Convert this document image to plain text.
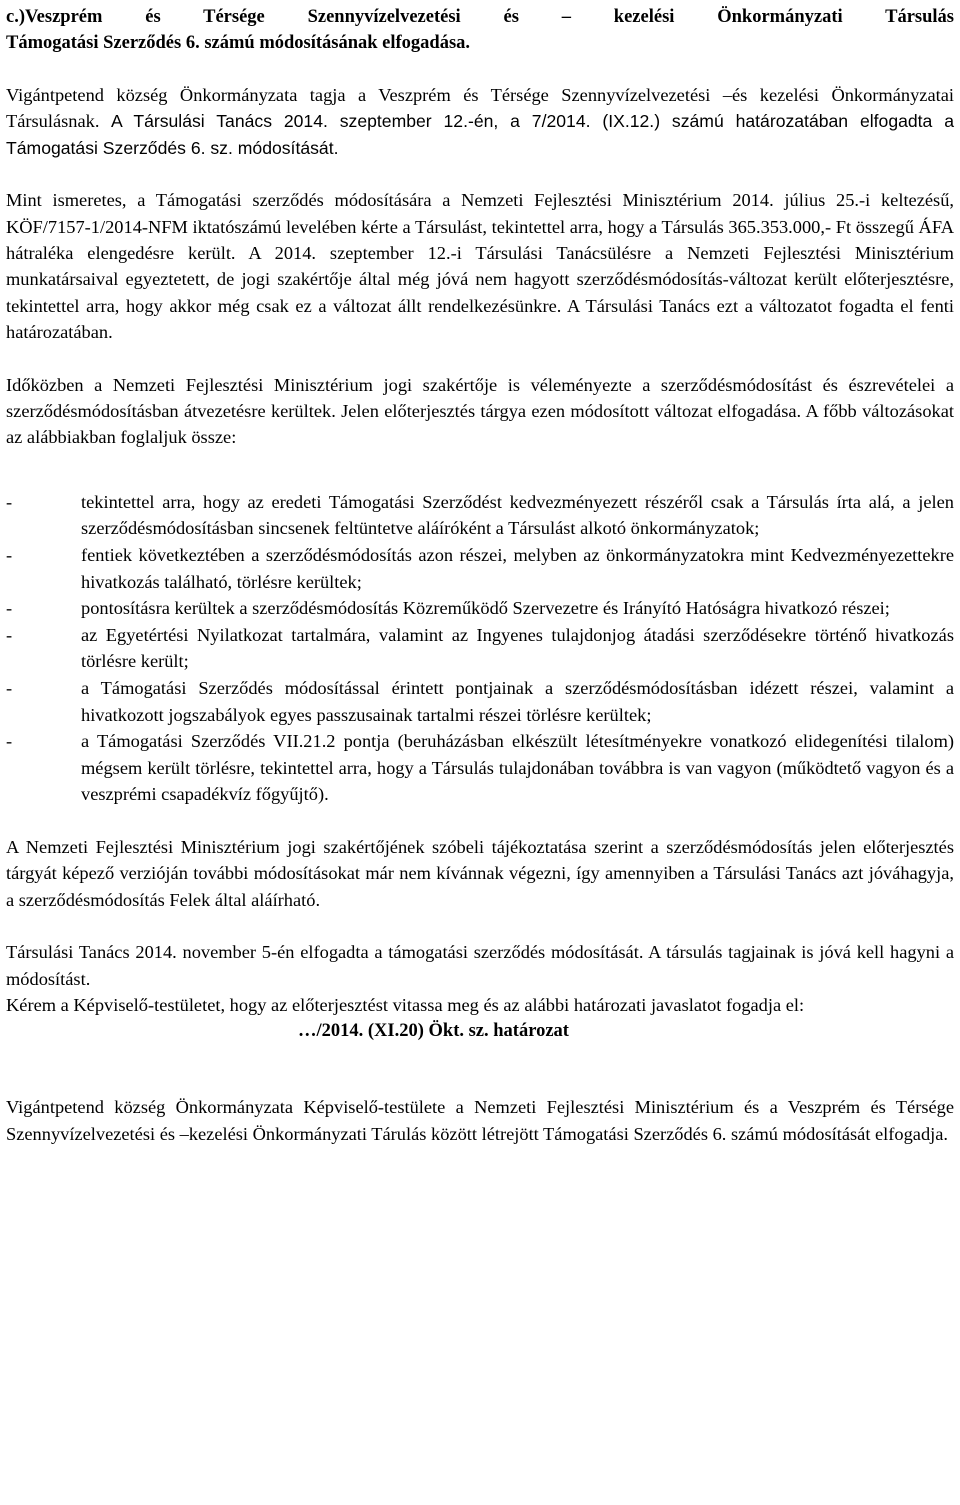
c.)Veszprém és Térsége Szennyvízelvezetési és – kezelési Önkormányzati Társulás
Támogatási Szerződés 6. számú módosításának elfogadása.

Vigántpetend község Önkormányzata tagja a Veszprém és Térsége Szennyvízelvezetési –és kezelési Önkormányzatai Társulásnak. A Társulási Tanács 2014. szeptember 12.-én, a 7/2014. (IX.12.) számú határozatában elfogadta a Támogatási Szerződés 6. sz. módosítását.

Mint ismeretes, a Támogatási szerződés módosítására a Nemzeti Fejlesztési Minisztérium 2014. július 25.-i keltezésű, KÖF/7157-1/2014-NFM iktatószámú levelében kérte a Társulást, tekintettel arra, hogy a Társulás 365.353.000,- Ft összegű ÁFA hátraléka elengedésre került. A 2014. szeptember 12.-i Társulási Tanácsülésre a Nemzeti Fejlesztési Minisztérium munkatársaival egyeztetett, de jogi szakértője által még jóvá nem hagyott szerződésmódosítás-változat került előterjesztésre, tekintettel arra, hogy akkor még csak ez a változat állt rendelkezésünkre. A Társulási Tanács ezt a változatot fogadta el fenti határozatában.

Időközben a Nemzeti Fejlesztési Minisztérium jogi szakértője is véleményezte a szerződésmódosítást és észrevételei a szerződésmódosításban átvezetésre kerültek. Jelen előterjesztés tárgya ezen módosított változat elfogadása. A főbb változásokat az alábbiakban foglaljuk össze:

-	tekintettel arra, hogy az eredeti Támogatási Szerződést kedvezményezett részéről csak a Társulás írta alá, a jelen szerződésmódosításban sincsenek feltüntetve aláíróként a Társulást alkotó önkormányzatok;
-	fentiek következtében a szerződésmódosítás azon részei, melyben az önkormányzatokra mint Kedvezményezettekre hivatkozás található, törlésre kerültek;
-	pontosításra kerültek a szerződésmódosítás Közreműködő Szervezetre és Irányító Hatóságra hivatkozó részei;
-	az Egyetértési Nyilatkozat tartalmára, valamint az Ingyenes tulajdonjog átadási szerződésekre történő hivatkozás törlésre került;
-	a Támogatási Szerződés módosítással érintett pontjainak a szerződésmódosításban idézett részei, valamint a hivatkozott jogszabályok egyes passzusainak tartalmi részei törlésre kerültek;
-	a Támogatási Szerződés VII.21.2 pontja (beruházásban elkészült létesítményekre vonatkozó elidegenítési tilalom) mégsem került törlésre, tekintettel arra, hogy a Társulás tulajdonában továbbra is van vagyon (működtető vagyon és a veszprémi csapadékvíz főgyűjtő).

A Nemzeti Fejlesztési Minisztérium jogi szakértőjének szóbeli tájékoztatása szerint a szerződésmódosítás jelen előterjesztés tárgyát képező verzióján további módosításokat már nem kívánnak végezni, így amennyiben a Társulási Tanács azt jóváhagyja, a szerződésmódosítás Felek által aláírható.

Társulási Tanács 2014. november 5-én elfogadta a támogatási szerződés módosítását. A társulás tagjainak is jóvá kell hagyni a módosítást.

Kérem a Képviselő-testületet, hogy az előterjesztést vitassa meg és az alábbi határozati javaslatot fogadja el:

…/2014. (XI.20) Ökt. sz. határozat

Vigántpetend község Önkormányzata Képviselő-testülete a Nemzeti Fejlesztési Minisztérium és a Veszprém és Térsége Szennyvízelvezetési és –kezelési Önkormányzati Tárulás között létrejött Támogatási Szerződés 6. számú módosítását elfogadja.
